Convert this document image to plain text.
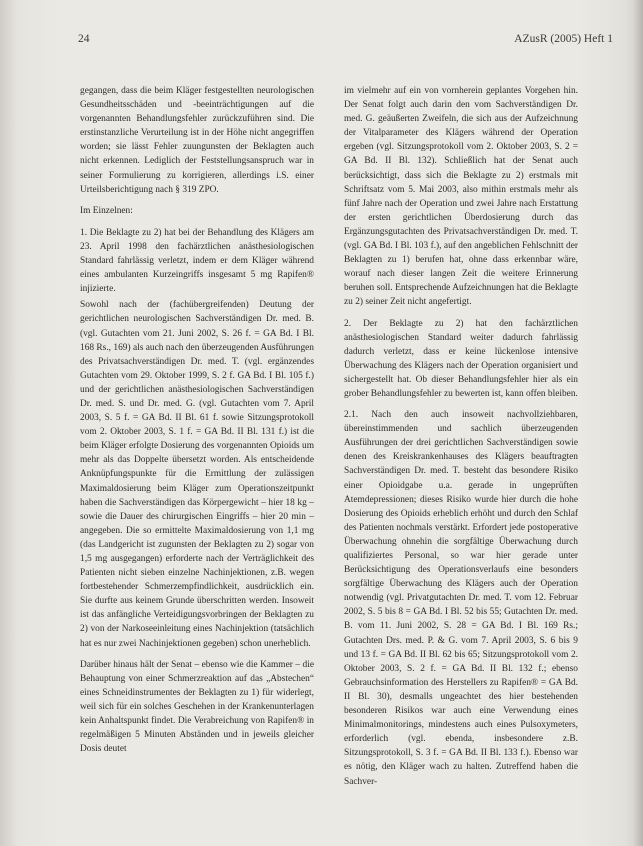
24	AZusR (2005) Heft 1

gegangen, dass die beim Kläger festgestellten neurologischen Gesundheitsschäden und -beeinträchtigungen auf die vorgenannten Behandlungsfehler zurückzuführen sind. Die erstinstanzliche Verurteilung ist in der Höhe nicht angegriffen worden; sie lässt Fehler zuungunsten der Beklagten auch nicht erkennen. Lediglich der Feststellungsanspruch war in seiner Formulierung zu korrigieren, allerdings i.S. einer Urteilsberichtigung nach § 319 ZPO.

Im Einzelnen:

1. Die Beklagte zu 2) hat bei der Behandlung des Klägers am 23. April 1998 den fachärztlichen anästhesiologischen Standard fahrlässig verletzt, indem er dem Kläger während eines ambulanten Kurzeingriffs insgesamt 5 mg Rapifen® injizierte.

Sowohl nach der (fachübergreifenden) Deutung der gerichtlichen neurologischen Sachverständigen Dr. med. B. (vgl. Gutachten vom 21. Juni 2002, S. 26 f. = GA Bd. I Bl. 168 Rs., 169) als auch nach den überzeugenden Ausführungen des Privatsachverständigen Dr. med. T. (vgl. ergänzendes Gutachten vom 29. Oktober 1999, S. 2 f. GA Bd. I Bl. 105 f.) und der gerichtlichen anästhesiologischen Sachverständigen Dr. med. S. und Dr. med. G. (vgl. Gutachten vom 7. April 2003, S. 5 f. = GA Bd. II Bl. 61 f. sowie Sitzungsprotokoll vom 2. Oktober 2003, S. 1 f. = GA Bd. II Bl. 131 f.) ist die beim Kläger erfolgte Dosierung des vorgenannten Opioids um mehr als das Doppelte übersetzt worden. Als entscheidende Anknüpfungspunkte für die Ermittlung der zulässigen Maximaldosierung beim Kläger zum Operationszeitpunkt haben die Sachverständigen das Körpergewicht – hier 18 kg – sowie die Dauer des chirurgischen Eingriffs – hier 20 min – angegeben. Die so ermittelte Maximaldosierung von 1,1 mg (das Landgericht ist zugunsten der Beklagten zu 2) sogar von 1,5 mg ausgegangen) erforderte nach der Verträglichkeit des Patienten nicht sieben einzelne Nachinjektionen, z.B. wegen fortbestehender Schmerzempfindlichkeit, ausdrücklich ein. Sie durfte aus keinem Grunde überschritten werden. Insoweit ist das anfängliche Verteidigungsvorbringen der Beklagten zu 2) von der Narkoseeinleitung eines Nachinjektion (tatsächlich hat es nur zwei Nachinjektionen gegeben) schon unerheblich.

Darüber hinaus hält der Senat – ebenso wie die Kammer – die Behauptung von einer Schmerzreaktion auf das „Abstechen“ eines Schneidinstrumentes der Beklagten zu 1) für widerlegt, weil sich für ein solches Geschehen in der Krankenunterlagen kein Anhaltspunkt findet. Die Verabreichung von Rapifen® in regelmäßigen 5 Minuten Abständen und in jeweils gleicher Dosis deutet

im vielmehr auf ein von vornherein geplantes Vorgehen hin. Der Senat folgt auch darin den vom Sachverständigen Dr. med. G. geäußerten Zweifeln, die sich aus der Aufzeichnung der Vitalparameter des Klägers während der Operation ergeben (vgl. Sitzungsprotokoll vom 2. Oktober 2003, S. 2 = GA Bd. II Bl. 132). Schließlich hat der Senat auch berücksichtigt, dass sich die Beklagte zu 2) erstmals mit Schriftsatz vom 5. Mai 2003, also mithin erstmals mehr als fünf Jahre nach der Operation und zwei Jahre nach Erstattung der ersten gerichtlichen Überdosierung durch das Ergänzungsgutachten des Privatsachverständigen Dr. med. T. (vgl. GA Bd. I Bl. 103 f.), auf den angeblichen Fehlschnitt der Beklagten zu 1) berufen hat, ohne dass erkennbar wäre, worauf nach dieser langen Zeit die weitere Erinnerung beruhen soll. Entsprechende Aufzeichnungen hat die Beklagte zu 2) seiner Zeit nicht angefertigt.

2. Der Beklagte zu 2) hat den fachärztlichen anästhesiologischen Standard weiter dadurch fahrlässig dadurch verletzt, dass er keine lückenlose intensive Überwachung des Klägers nach der Operation organisiert und sichergestellt hat. Ob dieser Behandlungsfehler hier als ein grober Behandlungsfehler zu bewerten ist, kann offen bleiben.

2.1. Nach den auch insoweit nachvollziehbaren, übereinstimmenden und sachlich überzeugenden Ausführungen der drei gerichtlichen Sachverständigen sowie denen des Kreiskrankenhauses des Klägers beauftragten Sachverständigen Dr. med. T. besteht das besondere Risiko einer Opioidgabe u.a. gerade in ungeprüften Atemdepressionen; dieses Risiko wurde hier durch die hohe Dosierung des Opioids erheblich erhöht und durch den Schlaf des Patienten nochmals verstärkt. Erfordert jede postoperative Überwachung ohnehin die sorgfältige Überwachung durch qualifiziertes Personal, so war hier gerade unter Berücksichtigung des Operationsverlaufs eine besonders sorgfältige Überwachung des Klägers auch der Operation notwendig (vgl. Privatgutachten Dr. med. T. vom 12. Februar 2002, S. 5 bis 8 = GA Bd. I Bl. 52 bis 55; Gutachten Dr. med. B. vom 11. Juni 2002, S. 28 = GA Bd. I Bl. 169 Rs.; Gutachten Drs. med. P. & G. vom 7. April 2003, S. 6 bis 9 und 13 f. = GA Bd. II Bl. 62 bis 65; Sitzungsprotokoll vom 2. Oktober 2003, S. 2 f. = GA Bd. II Bl. 132 f.; ebenso Gebrauchsinformation des Herstellers zu Rapifen® = GA Bd. II Bl. 30), desmalls ungeachtet des hier bestehenden besonderen Risikos war auch eine Verwendung eines Minimalmonitorings, mindestens auch eines Pulsoxymeters, erforderlich (vgl. ebenda, insbesondere z.B. Sitzungsprotokoll, S. 3 f. = GA Bd. II Bl. 133 f.). Ebenso war es nötig, den Kläger wach zu halten. Zutreffend haben die Sachver-
